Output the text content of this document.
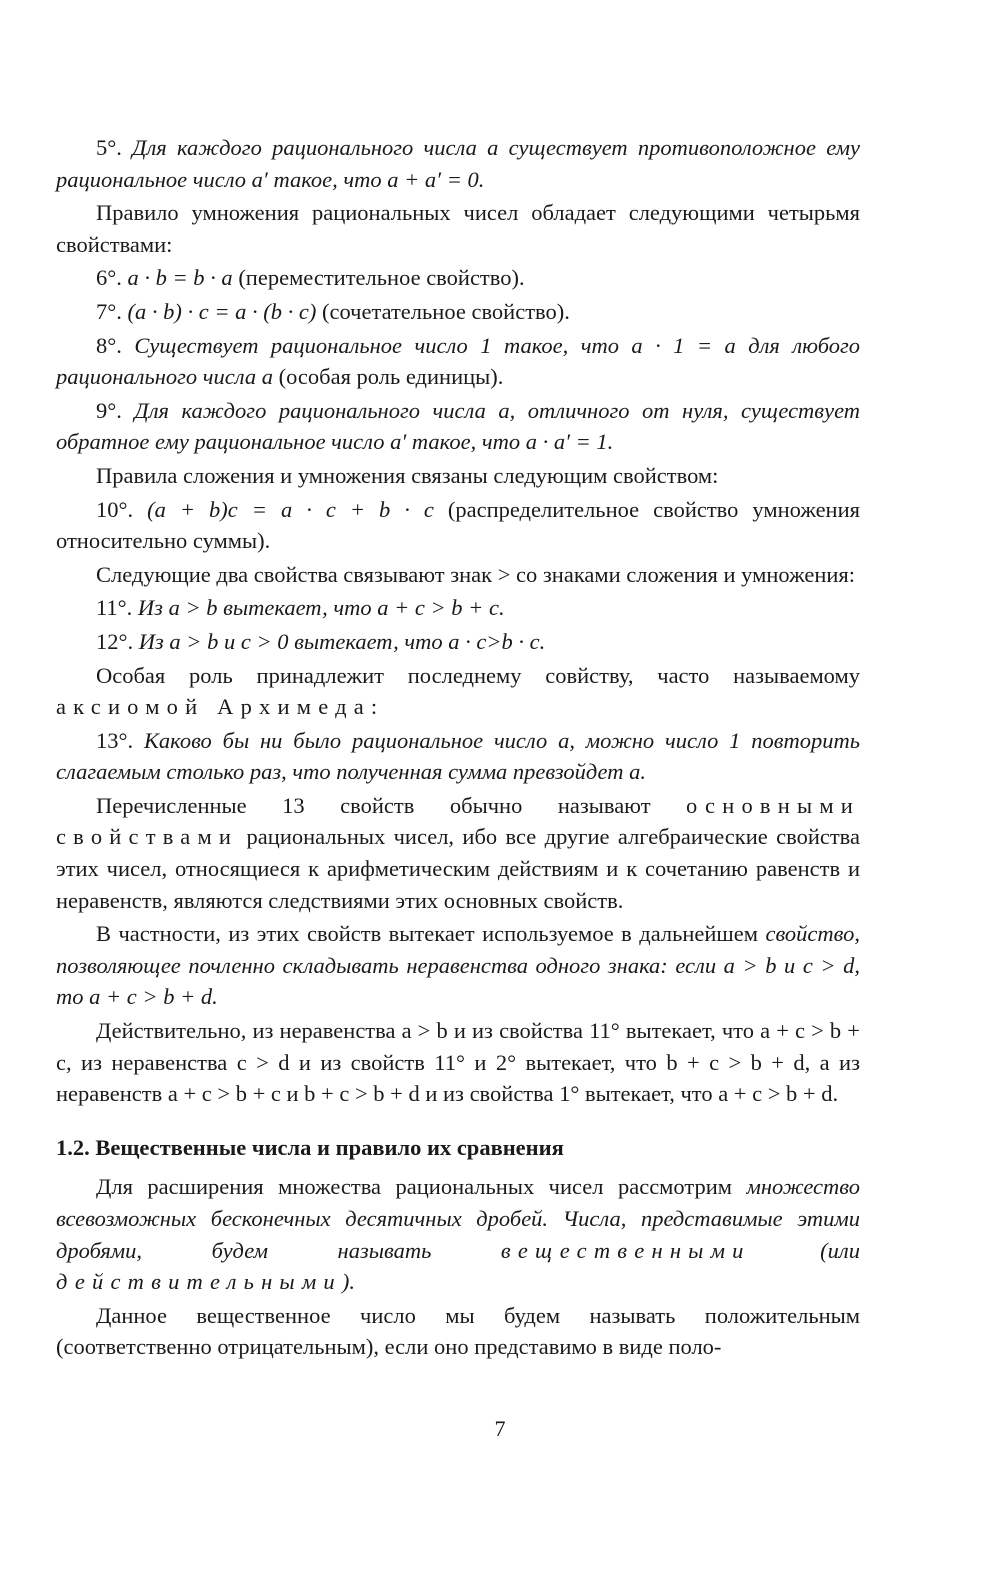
5°. Для каждого рационального числа a существует противоположное ему рациональное число a′ такое, что a + a′ = 0.

Правило умножения рациональных чисел обладает следующими четырьмя свойствами:

6°. a · b = b · a (переместительное свойство).

7°. (a · b) · c = a · (b · c) (сочетательное свойство).

8°. Существует рациональное число 1 такое, что a · 1 = a для любого рационального числа a (особая роль единицы).

9°. Для каждого рационального числа a, отличного от нуля, существует обратное ему рациональное число a′ такое, что a · a′ = 1.

Правила сложения и умножения связаны следующим свойством:

10°. (a + b)c = a · c + b · c (распределительное свойство умножения относительно суммы).

Следующие два свойства связывают знак > со знаками сложения и умножения:

11°. Из a > b вытекает, что a + c > b + c.

12°. Из a > b и c > 0 вытекает, что a · c>b · c.

Особая роль принадлежит последнему совйству, часто называемому аксиомой Архимеда:

13°. Каково бы ни было рациональное число a, можно число 1 повторить слагаемым столько раз, что полученная сумма превзойдет a.

Перечисленные 13 свойств обычно называют основными свойствами рациональных чисел, ибо все другие алгебраические свойства этих чисел, относящиеся к арифметическим действиям и к сочетанию равенств и неравенств, являются следствиями этих основных свойств.

В частности, из этих свойств вытекает используемое в дальнейшем свойство, позволяющее почленно складывать неравенства одного знака: если a > b и c > d, то a + c > b + d.

Действительно, из неравенства a > b и из свойства 11° вытекает, что a + c > b + c, из неравенства c > d и из свойств 11° и 2° вытекает, что b + c > b + d, а из неравенств a + c > b + c и b + c > b + d и из свойства 1° вытекает, что a + c > b + d.

1.2. Вещественные числа и правило их сравнения

Для расширения множества рациональных чисел рассмотрим множество всевозможных бесконечных десятичных дробей. Числа, представимые этими дробями, будем называть вещественными (или действительными).

Данное вещественное число мы будем называть положительным (соответственно отрицательным), если оно представимо в виде поло-

7
